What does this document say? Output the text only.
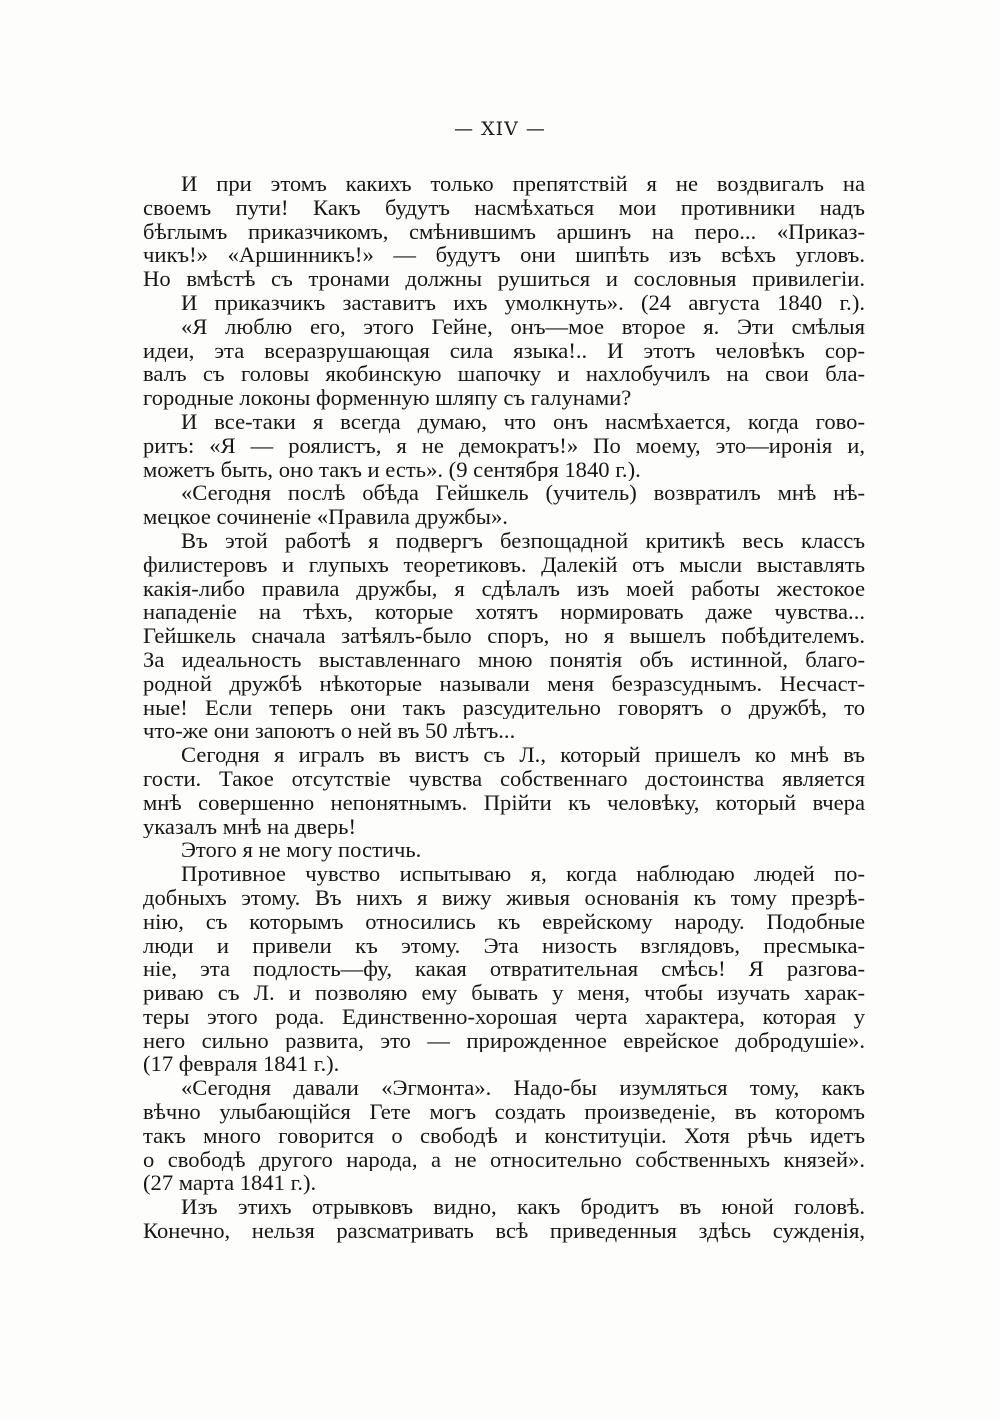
— XIV —
И при этомъ какихъ только препятствій я не воздвигалъ на
своемъ пути! Какъ будутъ насмѣхаться мои противники надъ
бѣглымъ приказчикомъ, смѣнившимъ аршинъ на перо... «Приказ-
чикъ!» «Аршинникъ!» — будутъ они шипѣть изъ всѣхъ угловъ.
Но вмѣстѣ съ тронами должны рушиться и сословныя привилегіи.
И приказчикъ заставитъ ихъ умолкнуть». (24 августа 1840 г.).
«Я люблю его, этого Гейне, онъ—мое второе я. Эти смѣлыя
идеи, эта всеразрушающая сила языка!.. И этотъ человѣкъ сор-
валъ съ головы якобинскую шапочку и нахлобучилъ на свои бла-
городные локоны форменную шляпу съ галунами?
И все-таки я всегда думаю, что онъ насмѣхается, когда гово-
ритъ: «Я — роялистъ, я не демократъ!» По моему, это—иронія и,
можетъ быть, оно такъ и есть». (9 сентября 1840 г.).
«Сегодня послѣ обѣда Гейшкель (учитель) возвратилъ мнѣ нѣ-
мецкое сочиненіе «Правила дружбы».
Въ этой работѣ я подвергъ безпощадной критикѣ весь классъ
филистеровъ и глупыхъ теоретиковъ. Далекій отъ мысли выставлять
какія-либо правила дружбы, я сдѣлалъ изъ моей работы жестокое
нападеніе на тѣхъ, которые хотятъ нормировать даже чувства...
Гейшкель сначала затѣялъ-было споръ, но я вышелъ побѣдителемъ.
За идеальность выставленнаго мною понятія объ истинной, благо-
родной дружбѣ нѣкоторые называли меня безразсуднымъ. Несчаст-
ные! Если теперь они такъ разсудительно говорятъ о дружбѣ, то
что-же они запоютъ о ней въ 50 лѣтъ...
Сегодня я игралъ въ вистъ съ Л., который пришелъ ко мнѣ въ
гости. Такое отсутствіе чувства собственнаго достоинства является
мнѣ совершенно непонятнымъ. Прійти къ человѣку, который вчера
указалъ мнѣ на дверь!
Этого я не могу постичь.
Противное чувство испытываю я, когда наблюдаю людей по-
добныхъ этому. Въ нихъ я вижу живыя основанія къ тому презрѣ-
нію, съ которымъ относились къ еврейскому народу. Подобные
люди и привели къ этому. Эта низость взглядовъ, пресмыка-
ніе, эта подлость—фу, какая отвратительная смѣсь! Я разгова-
риваю съ Л. и позволяю ему бывать у меня, чтобы изучать харак-
теры этого рода. Единственно-хорошая черта характера, которая у
него сильно развита, это — прирожденное еврейское добродушіе».
(17 февраля 1841 г.).
«Сегодня давали «Эгмонта». Надо-бы изумляться тому, какъ
вѣчно улыбающійся Гете могъ создать произведеніе, въ которомъ
такъ много говорится о свободѣ и конституціи. Хотя рѣчь идетъ
о свободѣ другого народа, а не относительно собственныхъ князей».
(27 марта 1841 г.).
Изъ этихъ отрывковъ видно, какъ бродитъ въ юной головѣ.
Конечно, нельзя разсматривать всѣ приведенныя здѣсь сужденія,
